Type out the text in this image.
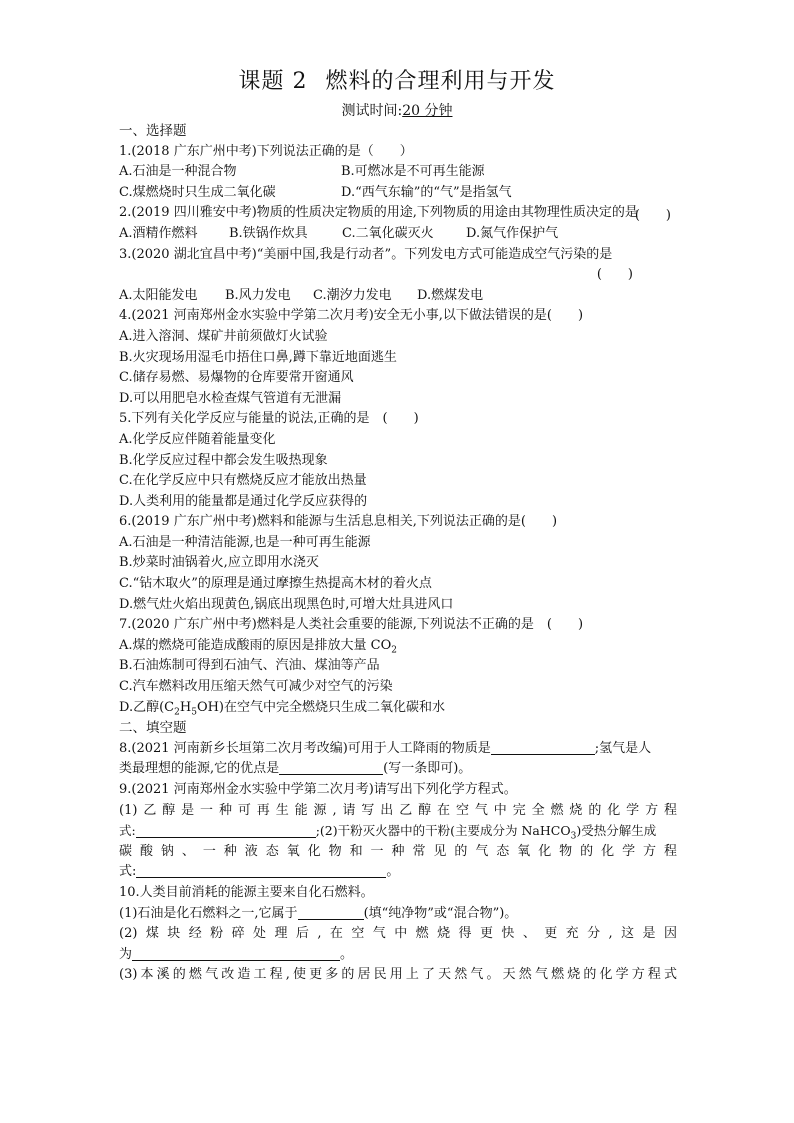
课题 2 燃料的合理利用与开发
测试时间:20 分钟
一、选择题
1.(2018 广东广州中考)下列说法正确的是（　　）
A.石油是一种混合物	B.可燃冰是不可再生能源
C.煤燃烧时只生成二氧化碳	D.“西气东输”的“气”是指氢气
2.(2019 四川雅安中考)物质的性质决定物质的用途,下列物质的用途由其物理性质决定的是
A.酒精作燃料 B.铁锅作炊具	C.二氧化碳灭火 D.氮气作保护气
(　　)
3.(2020 湖北宜昌中考)“美丽中国,我是行动者”。下列发电方式可能造成空气污染的是
(　　)
A.太阳能发电 B.风力发电 C.潮汐力发电 D.燃煤发电
4.(2021 河南郑州金水实验中学第二次月考)安全无小事,以下做法错误的是(　　)
A.进入溶洞、煤矿井前须做灯火试验
B.火灾现场用湿毛巾捂住口鼻,蹲下靠近地面逃生
C.储存易燃、易爆物的仓库要常开窗通风
D.可以用肥皂水检查煤气管道有无泄漏
5.下列有关化学反应与能量的说法,正确的是　(　　)
A.化学反应伴随着能量变化
B.化学反应过程中都会发生吸热现象
C.在化学反应中只有燃烧反应才能放出热量
D.人类利用的能量都是通过化学反应获得的
6.(2019 广东广州中考)燃料和能源与生活息息相关,下列说法正确的是(　　)
A.石油是一种清洁能源,也是一种可再生能源
B.炒菜时油锅着火,应立即用水浇灭
C.“钻木取火”的原理是通过摩擦生热提高木材的着火点
D.燃气灶火焰出现黄色,锅底出现黑色时,可增大灶具进风口
7.(2020 广东广州中考)燃料是人类社会重要的能源,下列说法不正确的是　(　　)
A.煤的燃烧可能造成酸雨的原因是排放大量 $CO_2$
B.石油炼制可得到石油气、汽油、煤油等产品
C.汽车燃料改用压缩天然气可减少对空气的污染
D.乙醇$(C_2H_5OH)$在空气中完全燃烧只生成二氧化碳和水
二、填空题
8.(2021 河南新乡长垣第二次月考改编)可用于人工降雨的物质是	;氢气是人
类最理想的能源,它的优点是	(写一条即可)。
9.(2021 河南郑州金水实验中学第二次月考)请写出下列化学方程式。
(1)乙醇是一种可再生能源,请写出乙醇在空气中完全燃烧的化学方程
式:	;(2)干粉灭火器中的干粉(主要成分为 NaHCO$_3$)受热分解生成
碳酸钠、一种液态氧化物和一种常见的气态氧化物的化学方程
式:	。
10.人类目前消耗的能源主要来自化石燃料。
(1)石油是化石燃料之一,它属于	(填“纯净物”或“混合物”)。
(2)煤块经粉碎处理后,在空气中燃烧得更快、更充分,这是因
为	。
(3)本溪的燃气改造工程,使更多的居民用上了天然气。天然气燃烧的化学方程式
